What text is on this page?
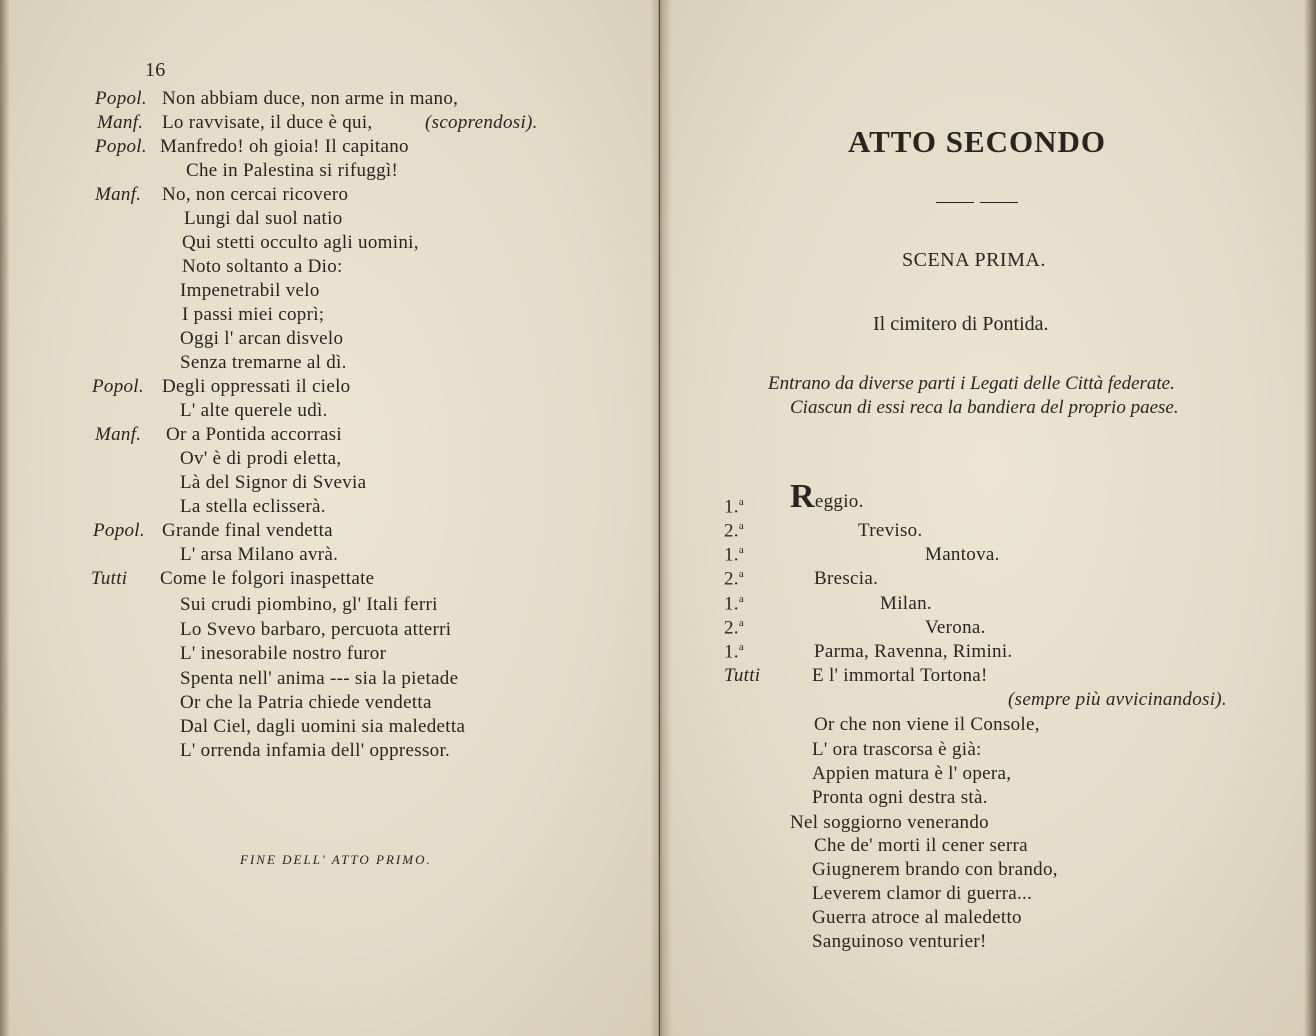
16
Popol. Non abbiam duce, non arme in mano,
Manf. Lo ravvisate, il duce è qui,	(scoprendosi).
Popol. Manfredo! oh gioia! Il capitano
Che in Palestina si rifuggì!
Manf. No, non cercai ricovero
Lungi dal suol natio
Qui stetti occulto agli uomini,
Noto soltanto a Dio:
Impenetrabil velo
I passi miei coprì;
Oggi l' arcan disvelo
Senza tremarne al dì.
Popol. Degli oppressati il cielo
L' alte querele udì.
Manf. Or a Pontida accorrasi
Ov' è di prodi eletta,
Là del Signor di Svevia
La stella eclisserà.
Popol. Grande final vendetta
L' arsa Milano avrà.
Tutti Come le folgori inaspettate
Sui crudi piombino, gl' Itali ferri
Lo Svevo barbaro, percuota atterri
L' inesorabile nostro furor
Spenta nell' anima --- sia la pietade
Or che la Patria chiede vendetta
Dal Ciel, dagli uomini sia maledetta
L' orrenda infamia dell' oppressor.
FINE DELL' ATTO PRIMO.
ATTO SECONDO
SCENA PRIMA.
Il cimitero di Pontida.
Entrano da diverse parti i Legati delle Città federate.
Ciascun di essi reca la bandiera del proprio paese.
1.$^a$ Reggio.
2.$^a$	Treviso.
1.$^a$	Mantova.
2.$^a$	Brescia.
1.$^a$	Milan.
2.$^a$	Verona.
1.$^a$	Parma, Ravenna, Rimini.
Tutti	E l' immortal Tortona!
(sempre più avvicinandosi).
Or che non viene il Console,
L' ora trascorsa è già:
Appien matura è l' opera,
Pronta ogni destra stà.
Nel soggiorno venerando
Che de' morti il cener serra
Giugnerem brando con brando,
Leverem clamor di guerra...
Guerra atroce al maledetto
Sanguinoso venturier!
